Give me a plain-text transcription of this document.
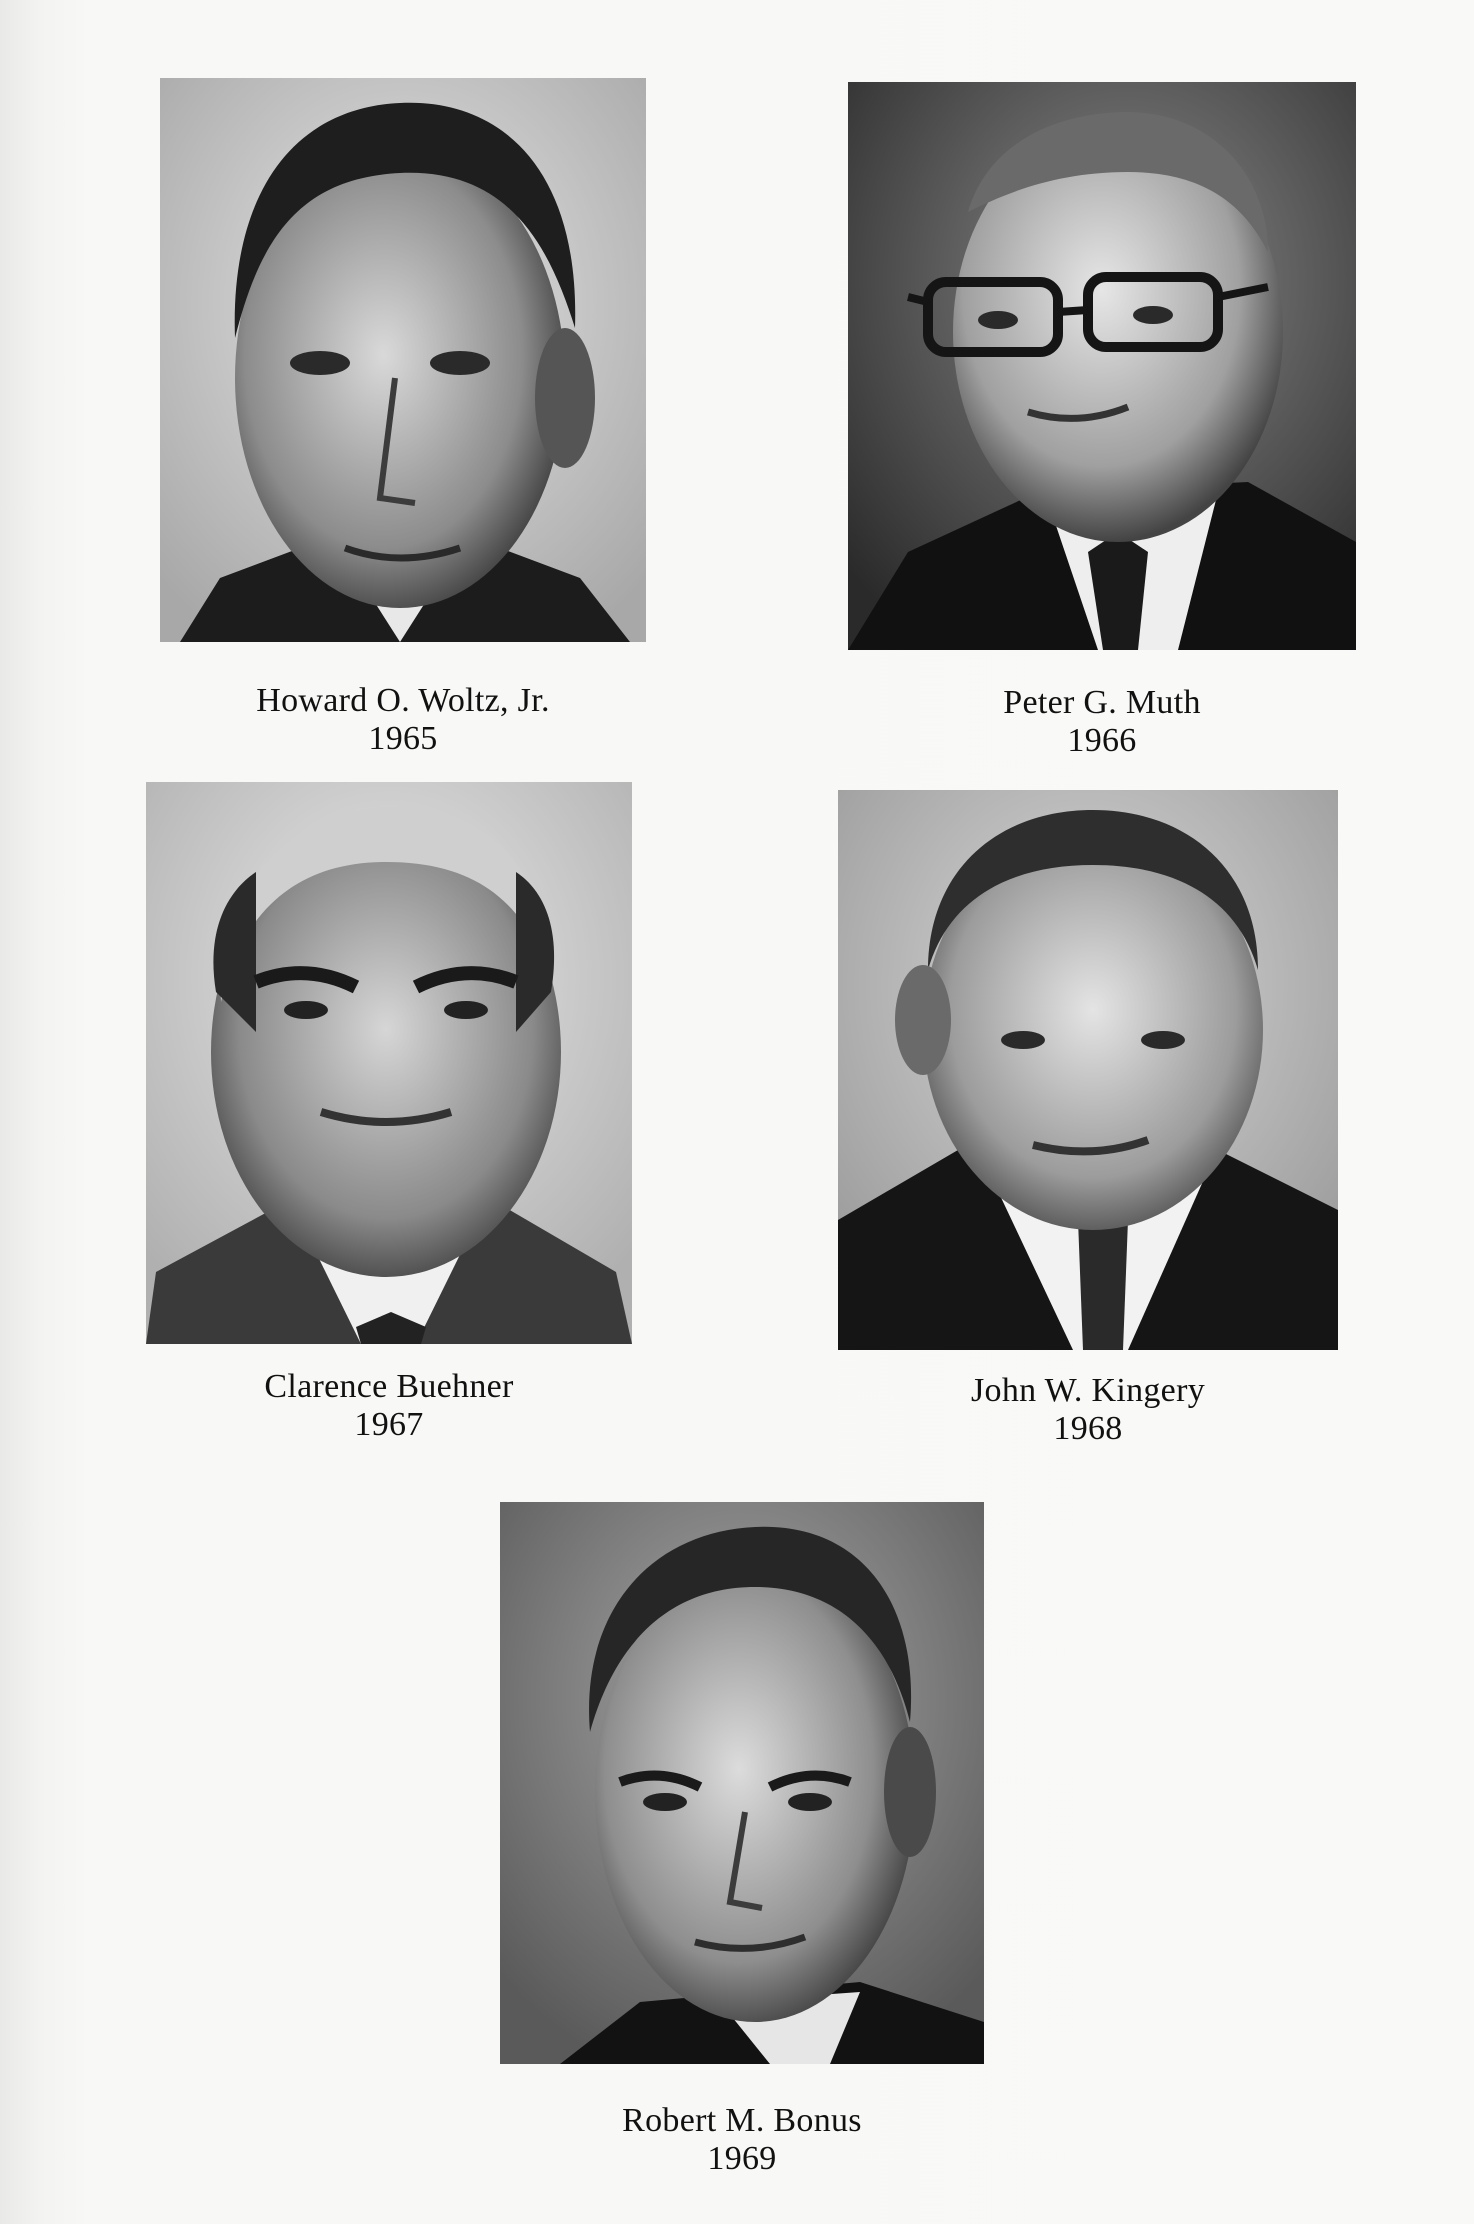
Howard O. Woltz, Jr.
1965
Peter G. Muth
1966
Clarence Buehner
1967
John W. Kingery
1968
Robert M. Bonus
1969
